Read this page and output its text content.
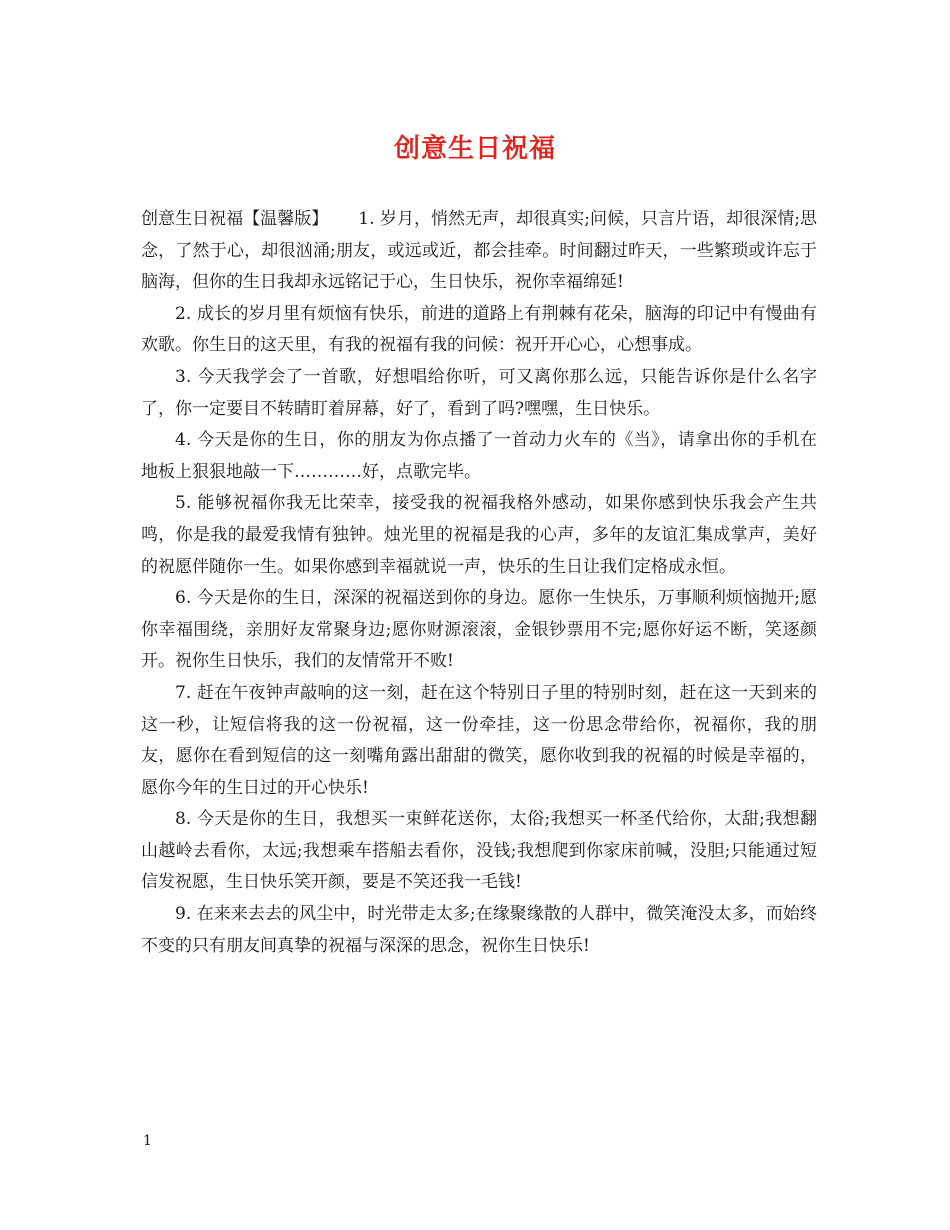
创意生日祝福

创意生日祝福【温馨版】 1. 岁月，悄然无声，却很真实;问候，只言片语，却很深情;思念，了然于心，却很汹涌;朋友，或远或近，都会挂牵。时间翻过昨天，一些繁琐或许忘于脑海，但你的生日我却永远铭记于心，生日快乐，祝你幸福绵延!

2. 成长的岁月里有烦恼有快乐，前进的道路上有荆棘有花朵，脑海的印记中有慢曲有欢歌。你生日的这天里，有我的祝福有我的问候：祝开开心心，心想事成。

3. 今天我学会了一首歌，好想唱给你听，可又离你那么远，只能告诉你是什么名字了，你一定要目不转睛盯着屏幕，好了，看到了吗?嘿嘿，生日快乐。

4. 今天是你的生日，你的朋友为你点播了一首动力火车的《当》，请拿出你的手机在地板上狠狠地敲一下…………好，点歌完毕。

5. 能够祝福你我无比荣幸，接受我的祝福我格外感动，如果你感到快乐我会产生共鸣，你是我的最爱我情有独钟。烛光里的祝福是我的心声，多年的友谊汇集成掌声，美好的祝愿伴随你一生。如果你感到幸福就说一声，快乐的生日让我们定格成永恒。

6. 今天是你的生日，深深的祝福送到你的身边。愿你一生快乐，万事顺利烦恼抛开;愿你幸福围绕，亲朋好友常聚身边;愿你财源滚滚，金银钞票用不完;愿你好运不断，笑逐颜开。祝你生日快乐，我们的友情常开不败!

7. 赶在午夜钟声敲响的这一刻，赶在这个特别日子里的特别时刻，赶在这一天到来的这一秒，让短信将我的这一份祝福，这一份牵挂，这一份思念带给你，祝福你，我的朋友，愿你在看到短信的这一刻嘴角露出甜甜的微笑，愿你收到我的祝福的时候是幸福的，愿你今年的生日过的开心快乐!

8. 今天是你的生日，我想买一束鲜花送你，太俗;我想买一杯圣代给你，太甜;我想翻山越岭去看你，太远;我想乘车搭船去看你，没钱;我想爬到你家床前喊，没胆;只能通过短信发祝愿，生日快乐笑开颜，要是不笑还我一毛钱!

9. 在来来去去的风尘中，时光带走太多;在缘聚缘散的人群中，微笑淹没太多，而始终不变的只有朋友间真挚的祝福与深深的思念，祝你生日快乐!

1
